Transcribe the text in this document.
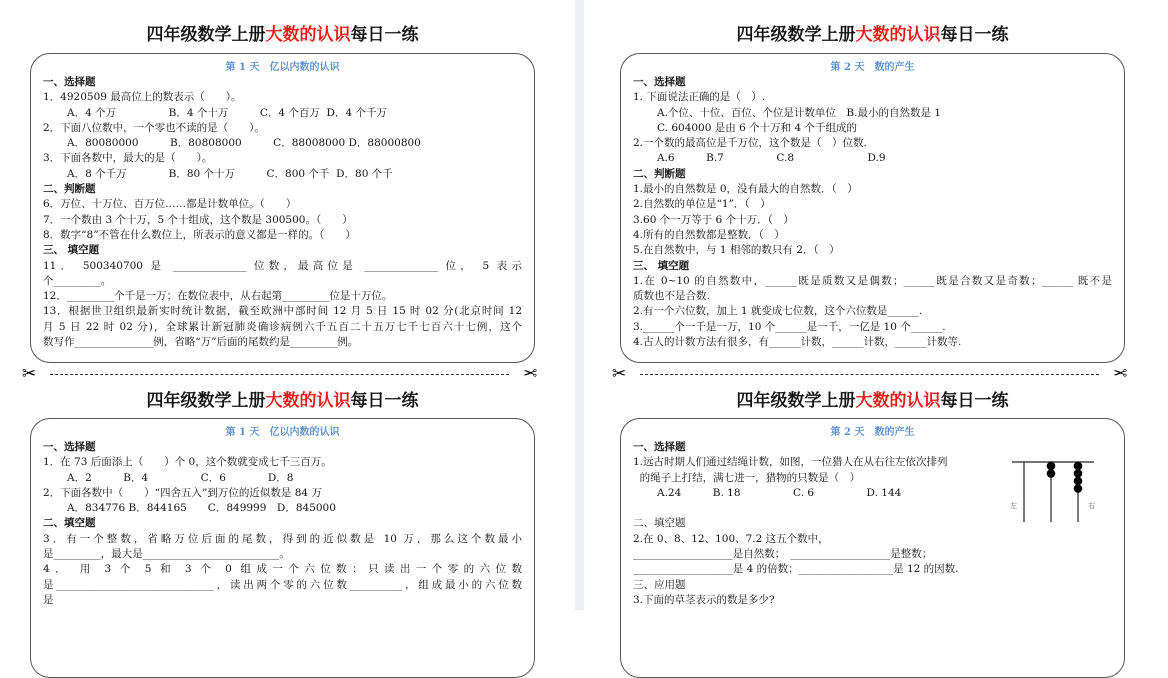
四年级数学上册大数的认识每日一练
第 1 天　亿以内数的认识
一、选择题
1．4920509 最高位上的数表示（　　）。
A．4 个万　　　　　B．4 个十万　　　C．4 个百万  D．4 个千万
2．下面八位数中，一个零也不读的是（　　）。
A．80080000　　　B．80808000　　　C．88008000 D．88000800
3．下面各数中，最大的是（　　）。
A．8 个千万　　　　B．80 个十万　　　C．800 个千  D．80 个千
二、判断题
6．万位、十万位、百万位……都是计数单位。（　　）
7．一个数由 3 个十万，5 个十组成，这个数是 300500。（　　）
8．数字“8”不管在什么数位上，所表示的意义都是一样的。（　　）
三、 填空题
11． 500340700 是 ______________ 位数，最高位是 ______________ 位， 5 表示
个_________。
12．_________个千是一万；在数位表中，从右起第_________位是十万位。
13．根据世卫组织最新实时统计数据，截至欧洲中部时间 12 月 5 日 15 时 02 分(北京时间 12
月 5 日 22 时 02 分)，全球累计新冠肺炎确诊病例六千五百二十五万七千七百六十七例，这个
数写作_______________例，省略“万”后面的尾数约是_________例。
✂	✂
四年级数学上册大数的认识每日一练
第 2 天　数的产生
一、选择题
1. 下面说法正确的是（　）.
A.个位、十位、百位、个位是计数单位　B.最小的自然数是 1
C. 604000 是由 6 个十万和 4 个千组成的
2.一个数的最高位是千万位，这个数是（　）位数.
A.6　　　B.7　　　　　C.8　　　　　　　D.9
二、判断题
1.最小的自然数是 0，没有最大的自然数．（　）
2.自然数的单位是“1”．（　）
3.60 个一万等于 6 个十万．（　）
4.所有的自然数都是整数．（　）
5.在自然数中，与 1 相邻的数只有 2．（　）
三、 填空题
1.在 0~10 的自然数中，______既是质数又是偶数；______既是合数又是奇数；______ 既不是
质数也不是合数.
2.有一个六位数，加上 1 就变成七位数，这个六位数是______.
3.______个一千是一万，10 个______是一千，一亿是 10 个______.
4.古人的计数方法有很多，有______计数，______计数，______计数等.
✂	✂
四年级数学上册大数的认识每日一练
第 1 天　亿以内数的认识
一、选择题
1．在 73 后面添上（　　）个 0，这个数就变成七千三百万。
A．2　　　B．4　　　　　C．6　　　　D．8
2．下面各数中（　　）“四舍五入”到万位的近似数是 84 万
A．834776 B．844165　　C．849999　D．845000
二、填空题
3．有一个整数，省略万位后面的尾数，得到的近似数是 10 万，那么这个数最小
是_________，最大是__________________________。
4． 用 3 个 5 和 3 个 0 组成一个六位数：只读出一个零的六位数
是______________________________，读出两个零的六位数__________，组成最小的六位数
是
四年级数学上册大数的认识每日一练
第 2 天　数的产生
一、选择题
1.远古时期人们通过结绳计数，如图，一位猎人在从右往左依次排列
的绳子上打结，满七进一，猎物的只数是（　）
A.24　　　B. 18　　　　　C. 6　　　　　D. 144
二、填空题
2.在 0、8、12、100、7.2 这五个数中，
___________________是自然数；　___________________是整数；
___________________是 4 的倍数；__________________是 12 的因数.
三、应用题
3.下面的草茎表示的数是多少?
左	右
